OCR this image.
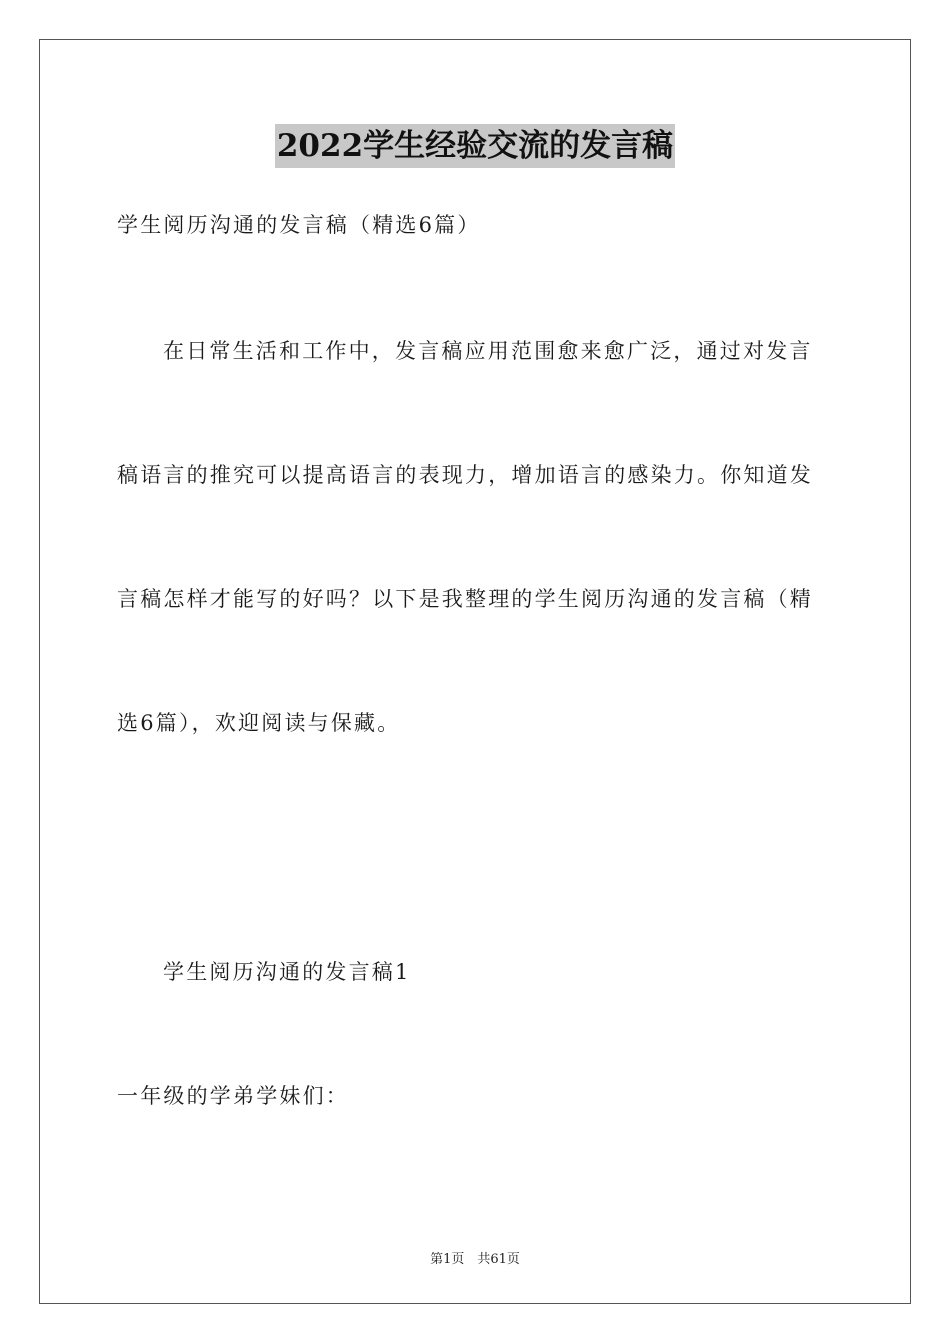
2022学生经验交流的发言稿
学生阅历沟通的发言稿（精选6篇）
在日常生活和工作中，发言稿应用范围愈来愈广泛，通过对发言
稿语言的推究可以提高语言的表现力，增加语言的感染力。你知道发
言稿怎样才能写的好吗？以下是我整理的学生阅历沟通的发言稿（精
选6篇），欢迎阅读与保藏。
学生阅历沟通的发言稿1
一年级的学弟学妹们：
第1页　共61页
